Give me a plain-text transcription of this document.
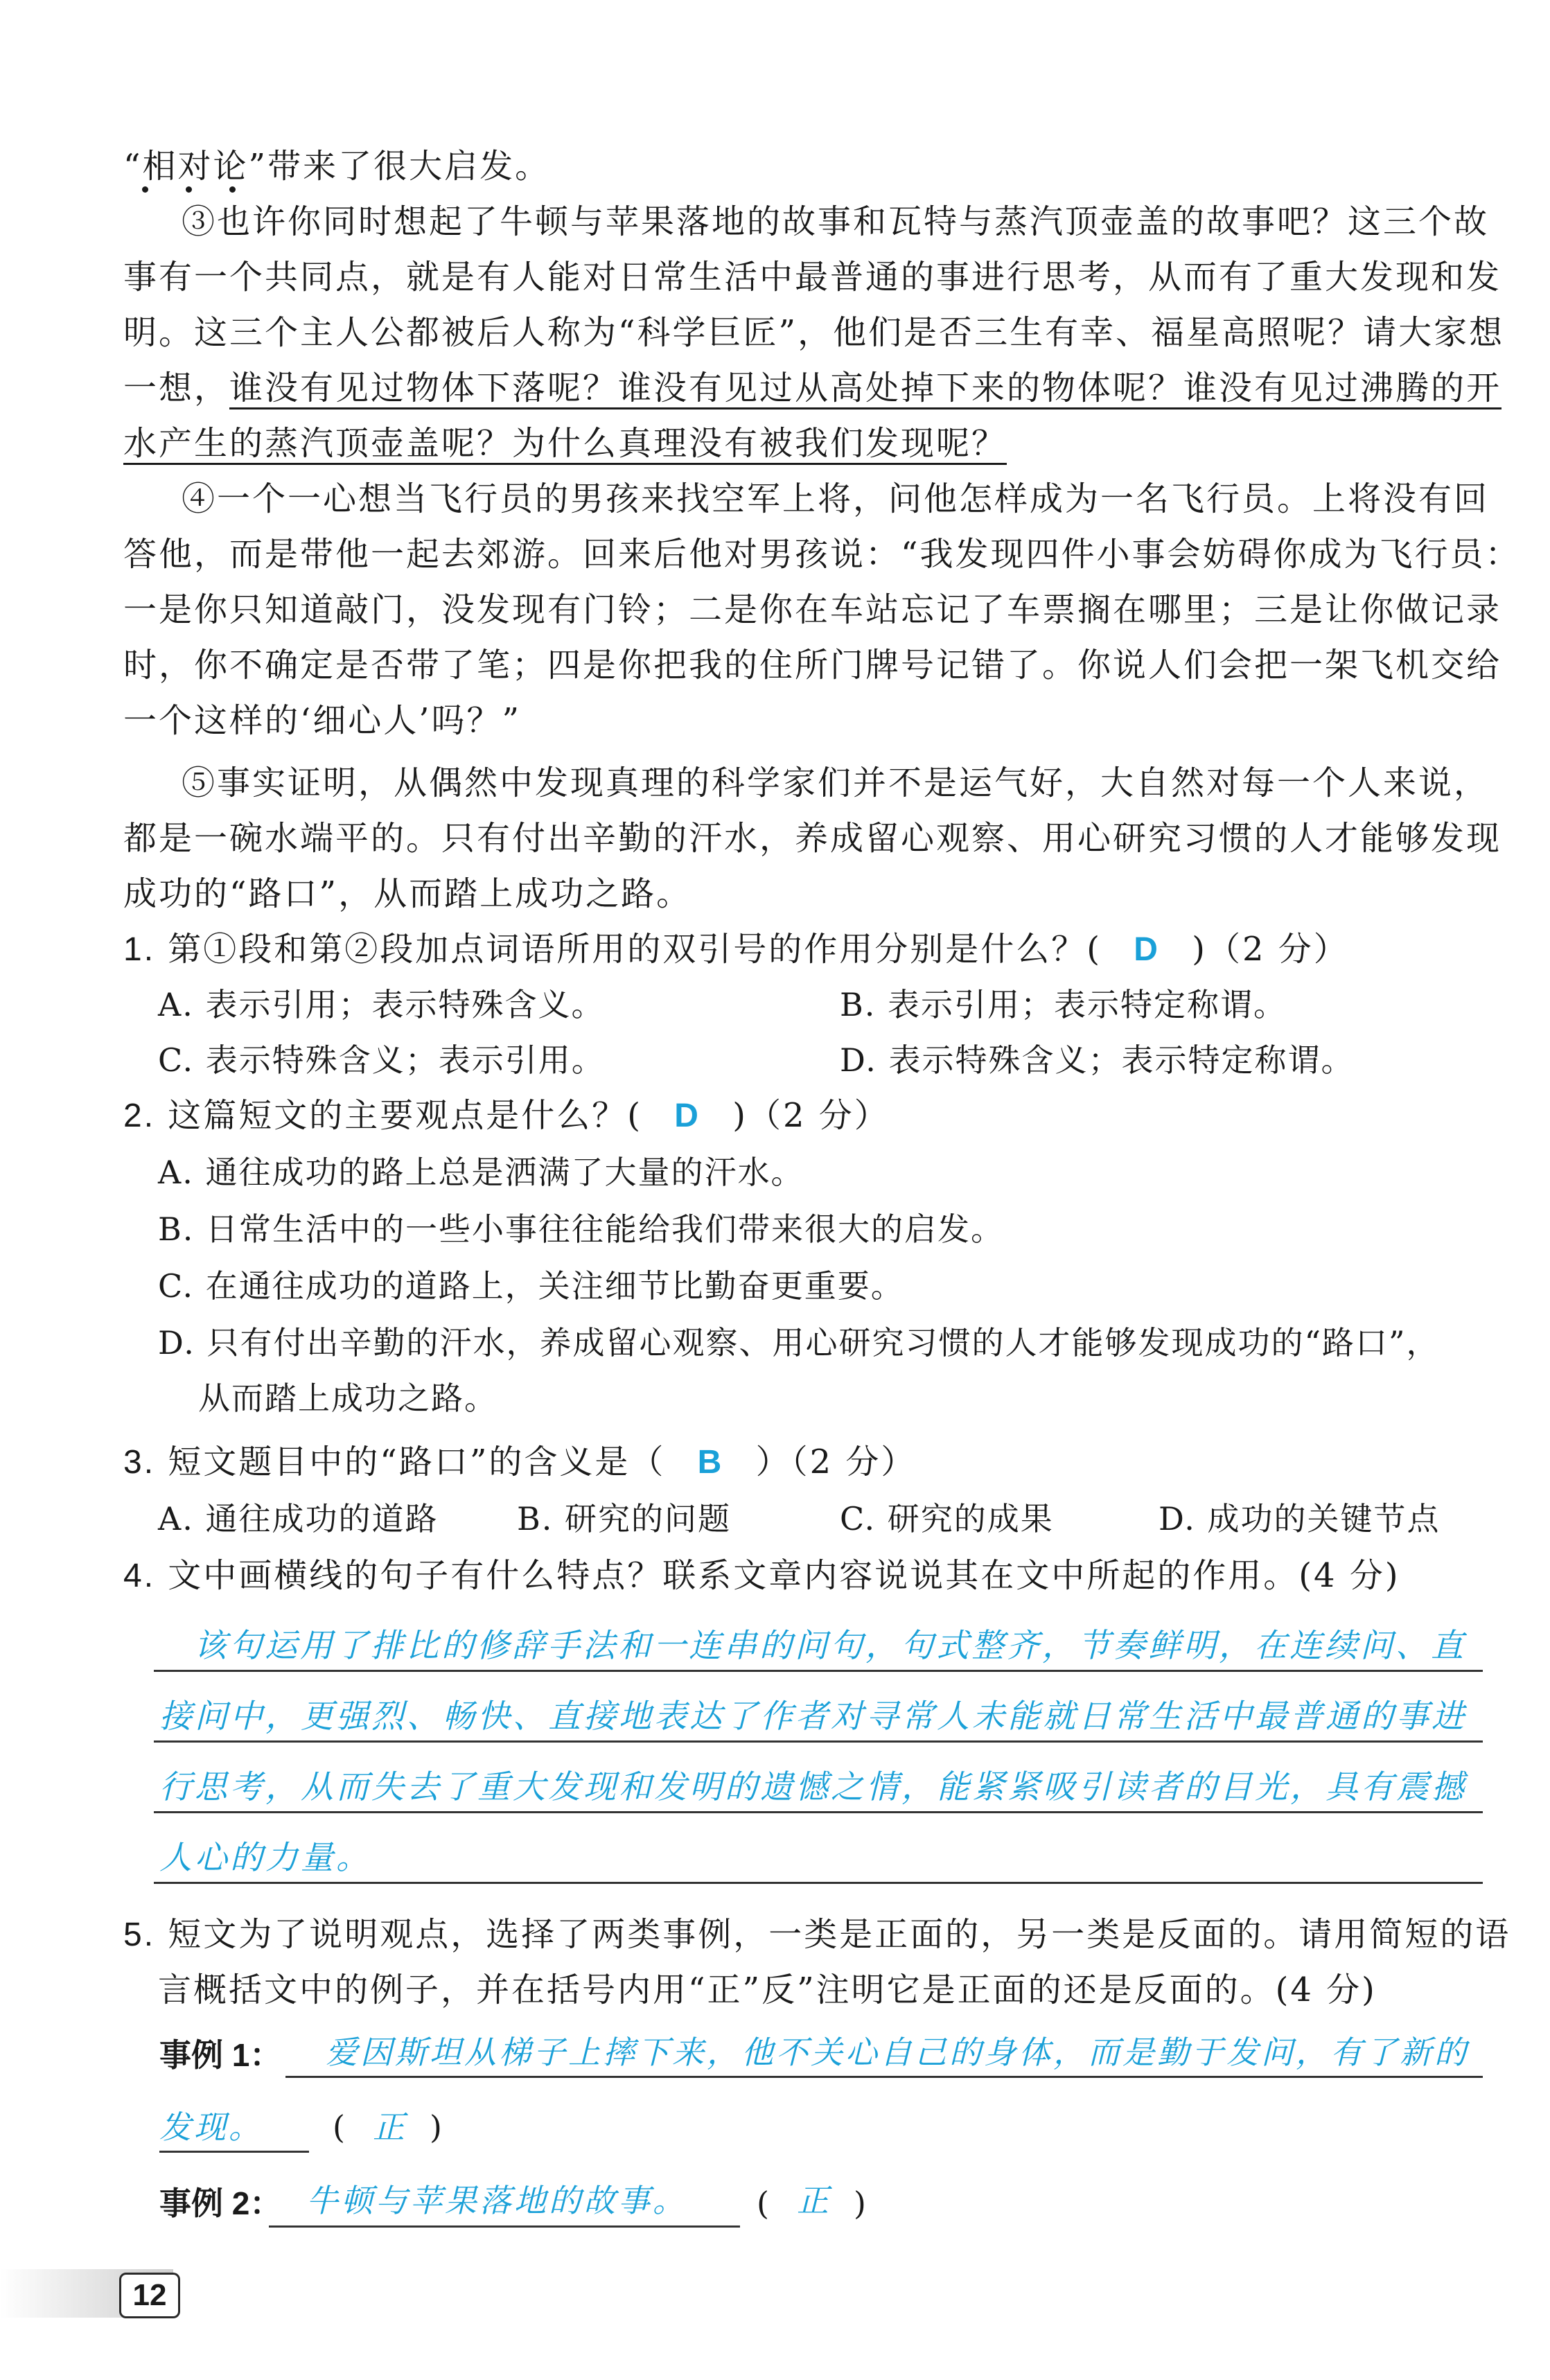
“相对论”带来了很大启发。
③也许你同时想起了牛顿与苹果落地的故事和瓦特与蒸汽顶壶盖的故事吧？这三个故
事有一个共同点，就是有人能对日常生活中最普通的事进行思考，从而有了重大发现和发
明。这三个主人公都被后人称为“科学巨匠”，他们是否三生有幸、福星高照呢？请大家想
一想，谁没有见过物体下落呢？谁没有见过从高处掉下来的物体呢？谁没有见过沸腾的开
水产生的蒸汽顶壶盖呢？为什么真理没有被我们发现呢？
④一个一心想当飞行员的男孩来找空军上将，问他怎样成为一名飞行员。上将没有回
答他，而是带他一起去郊游。回来后他对男孩说：“我发现四件小事会妨碍你成为飞行员：
一是你只知道敲门，没发现有门铃；二是你在车站忘记了车票搁在哪里；三是让你做记录
时，你不确定是否带了笔；四是你把我的住所门牌号记错了。你说人们会把一架飞机交给
一个这样的‘细心人’吗？”
⑤事实证明，从偶然中发现真理的科学家们并不是运气好，大自然对每一个人来说，
都是一碗水端平的。只有付出辛勤的汗水，养成留心观察、用心研究习惯的人才能够发现
成功的“路口”，从而踏上成功之路。
1. 第①段和第②段加点词语所用的双引号的作用分别是什么？( D )（2 分）
A. 表示引用；表示特殊含义。	B. 表示引用；表示特定称谓。
C. 表示特殊含义；表示引用。	D. 表示特殊含义；表示特定称谓。
2. 这篇短文的主要观点是什么？( D )（2 分）
A. 通往成功的路上总是洒满了大量的汗水。
B. 日常生活中的一些小事往往能给我们带来很大的启发。
C. 在通往成功的道路上，关注细节比勤奋更重要。
D. 只有付出辛勤的汗水，养成留心观察、用心研究习惯的人才能够发现成功的“路口”，
从而踏上成功之路。
3. 短文题目中的“路口”的含义是（ B ）（2 分）
A. 通往成功的道路 B. 研究的问题	C. 研究的成果	D. 成功的关键节点
4. 文中画横线的句子有什么特点？联系文章内容说说其在文中所起的作用。(4 分)
该句运用了排比的修辞手法和一连串的问句，句式整齐，节奏鲜明，在连续问、直
接问中，更强烈、畅快、直接地表达了作者对寻常人未能就日常生活中最普通的事进
行思考，从而失去了重大发现和发明的遗憾之情，能紧紧吸引读者的目光，具有震撼
人心的力量。
5. 短文为了说明观点，选择了两类事例，一类是正面的，另一类是反面的。请用简短的语
言概括文中的例子，并在括号内用“正”反”注明它是正面的还是反面的。(4 分)
事例 1： 爱因斯坦从梯子上摔下来，他不关心自己的身体，而是勤于发问，有了新的
发现。 ( 正 )
事例 2： 牛顿与苹果落地的故事。 ( 正 )
12
